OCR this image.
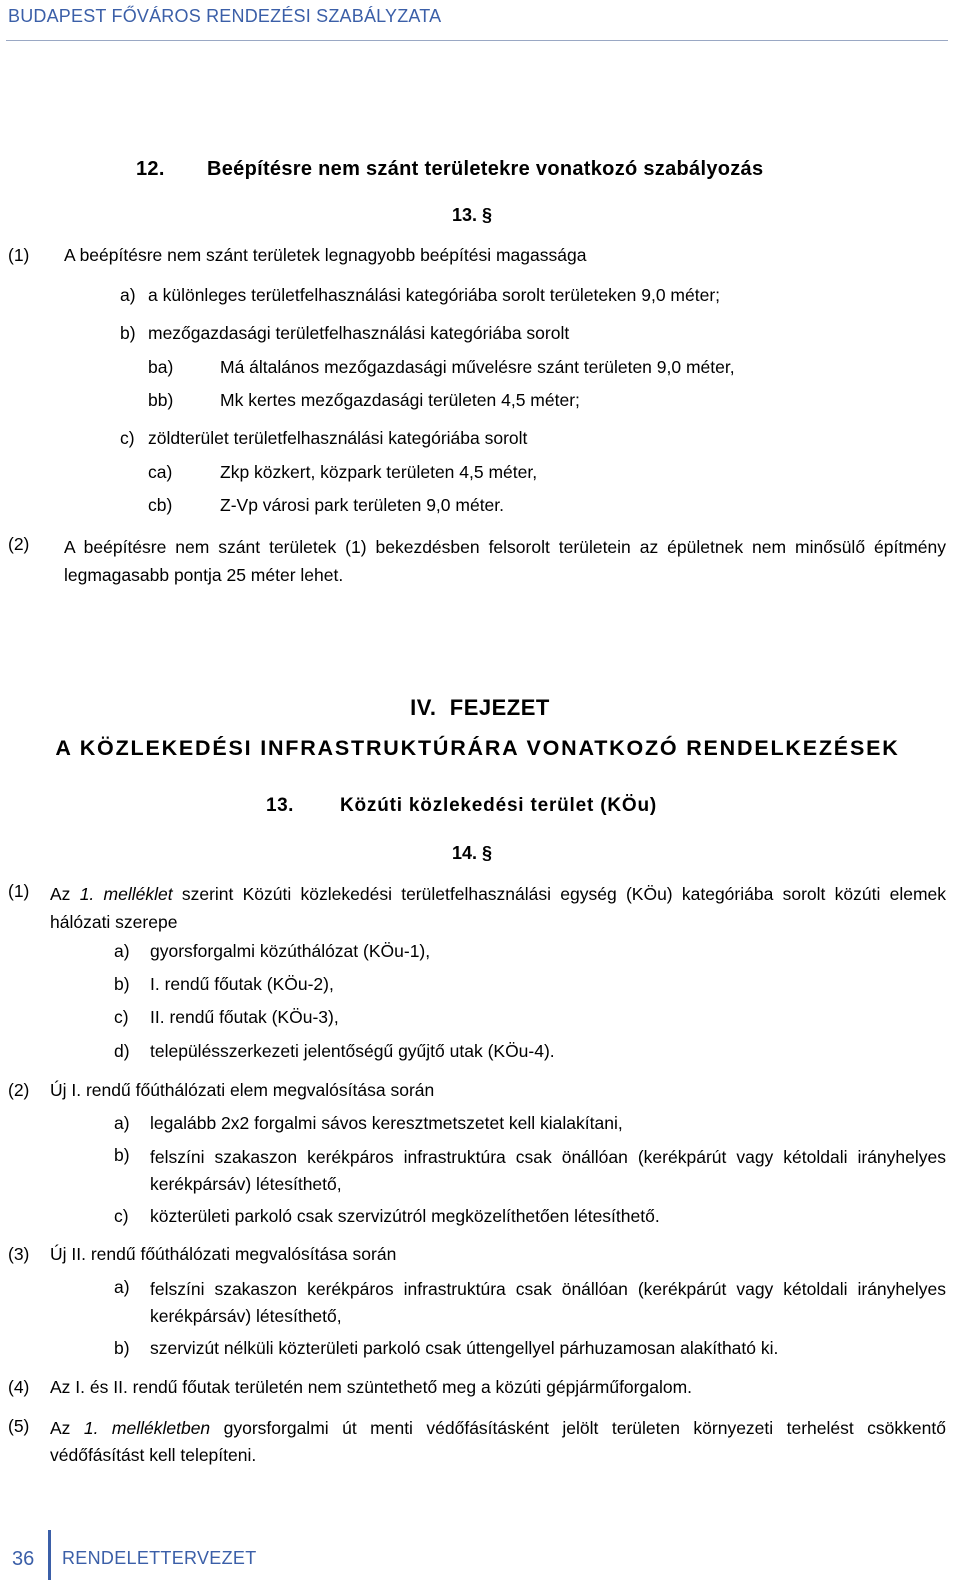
BUDAPEST FŐVÁROS RENDEZÉSI SZABÁLYZATA
12. Beépítésre nem szánt területekre vonatkozó szabályozás
13. §
(1) A beépítésre nem szánt területek legnagyobb beépítési magassága
a) a különleges területfelhasználási kategóriába sorolt területeken 9,0 méter;
b) mezőgazdasági területfelhasználási kategóriába sorolt
ba)	Má általános mezőgazdasági művelésre szánt területen 9,0 méter,
bb)	Mk kertes mezőgazdasági területen 4,5 méter;
c) zöldterület területfelhasználási kategóriába sorolt
ca)	Zkp közkert, közpark területen 4,5 méter,
cb)	Z-Vp városi park területen 9,0 méter.
(2) A beépítésre nem szánt területek (1) bekezdésben felsorolt területein az épületnek nem minősülő építmény legmagasabb pontja 25 méter lehet.
IV. FEJEZET
A KÖZLEKEDÉSI INFRASTRUKTÚRÁRA VONATKOZÓ RENDELKEZÉSEK
13. Közúti közlekedési terület (KÖu)
14. §
(1) Az 1. melléklet szerint Közúti közlekedési területfelhasználási egység (KÖu) kategóriába sorolt közúti elemek hálózati szerepe
a) gyorsforgalmi közúthálózat (KÖu-1),
b) I. rendű főutak (KÖu-2),
c) II. rendű főutak (KÖu-3),
d) településszerkezeti jelentőségű gyűjtő utak (KÖu-4).
(2) Új I. rendű főúthálózati elem megvalósítása során
a) legalább 2x2 forgalmi sávos keresztmetszetet kell kialakítani,
b) felszíni szakaszon kerékpáros infrastruktúra csak önállóan (kerékpárút vagy kétoldali irányhelyes kerékpársáv) létesíthető,
c) közterületi parkoló csak szervizútról megközelíthetően létesíthető.
(3) Új II. rendű főúthálózati megvalósítása során
a) felszíni szakaszon kerékpáros infrastruktúra csak önállóan (kerékpárút vagy kétoldali irányhelyes kerékpársáv) létesíthető,
b) szervizút nélküli közterületi parkoló csak úttengellyel párhuzamosan alakítható ki.
(4) Az I. és II. rendű főutak területén nem szüntethető meg a közúti gépjárműforgalom.
(5) Az 1. mellékletben gyorsforgalmi út menti védőfásításként jelölt területen környezeti terhelést csökkentő védőfásítást kell telepíteni.
36 RENDELETTERVEZET
